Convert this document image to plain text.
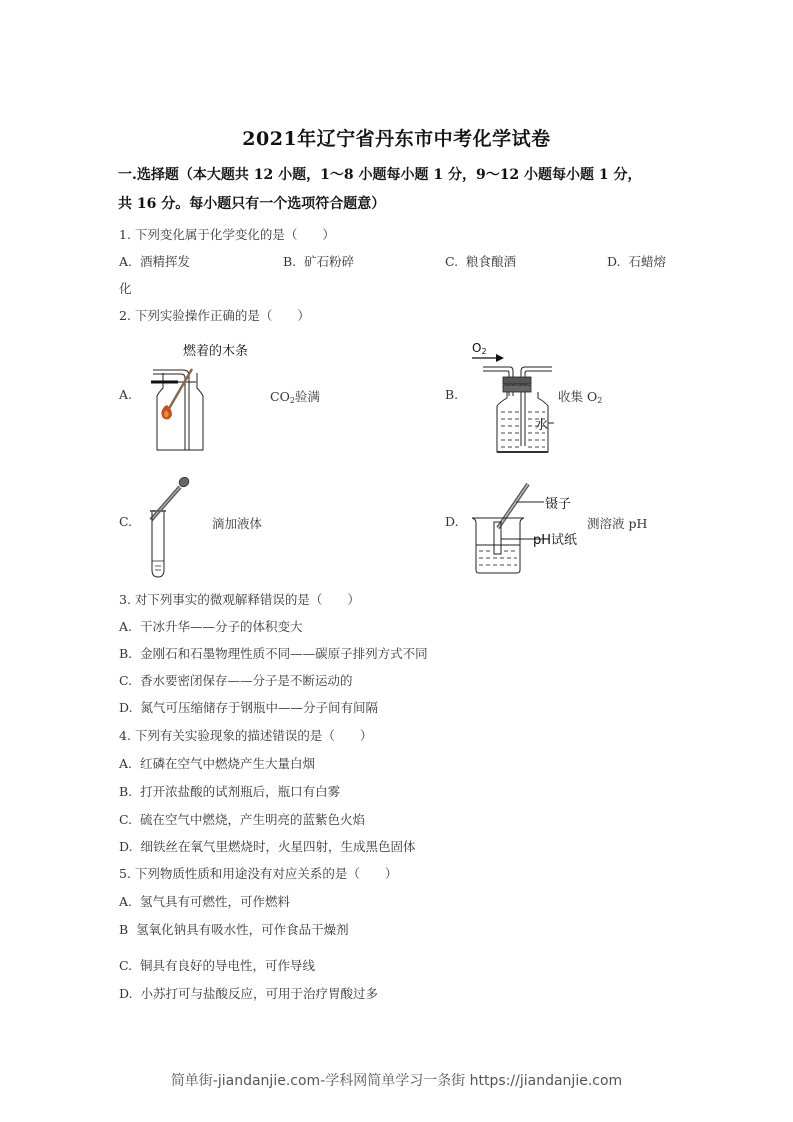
2021年辽宁省丹东市中考化学试卷
一.选择题（本大题共 12 小题，1～8 小题每小题 1 分，9～12 小题每小题 1 分，
共 16 分。每小题只有一个选项符合题意）
1. 下列变化属于化学变化的是（　　）
A. 酒精挥发	B. 矿石粉碎	C. 粮食酿酒	D. 石蜡熔
化
2. 下列实验操作正确的是（　　）
A.
燃着的木条
$CO_2$验满	B.
$O_2$
水
收集 $O_2$
C.	滴加液体	D.
镊子
pH试纸
测溶液 pH
3. 对下列事实的微观解释错误的是（　　）
A. 干冰升华——分子的体积变大
B. 金刚石和石墨物理性质不同——碳原子排列方式不同
C. 香水要密闭保存——分子是不断运动的
D. 氮气可压缩储存于钢瓶中——分子间有间隔
4. 下列有关实验现象的描述错误的是（　　）
A. 红磷在空气中燃烧产生大量白烟
B. 打开浓盐酸的试剂瓶后，瓶口有白雾
C. 硫在空气中燃烧，产生明亮的蓝紫色火焰
D. 细铁丝在氧气里燃烧时，火星四射，生成黑色固体
5. 下列物质性质和用途没有对应关系的是（　　）
A. 氢气具有可燃性，可作燃料
B 氢氧化钠具有吸水性，可作食品干燥剂
C. 铜具有良好的导电性，可作导线
D. 小苏打可与盐酸反应，可用于治疗胃酸过多
简单街-jiandanjie.com-学科网简单学习一条街 https://jiandanjie.com
